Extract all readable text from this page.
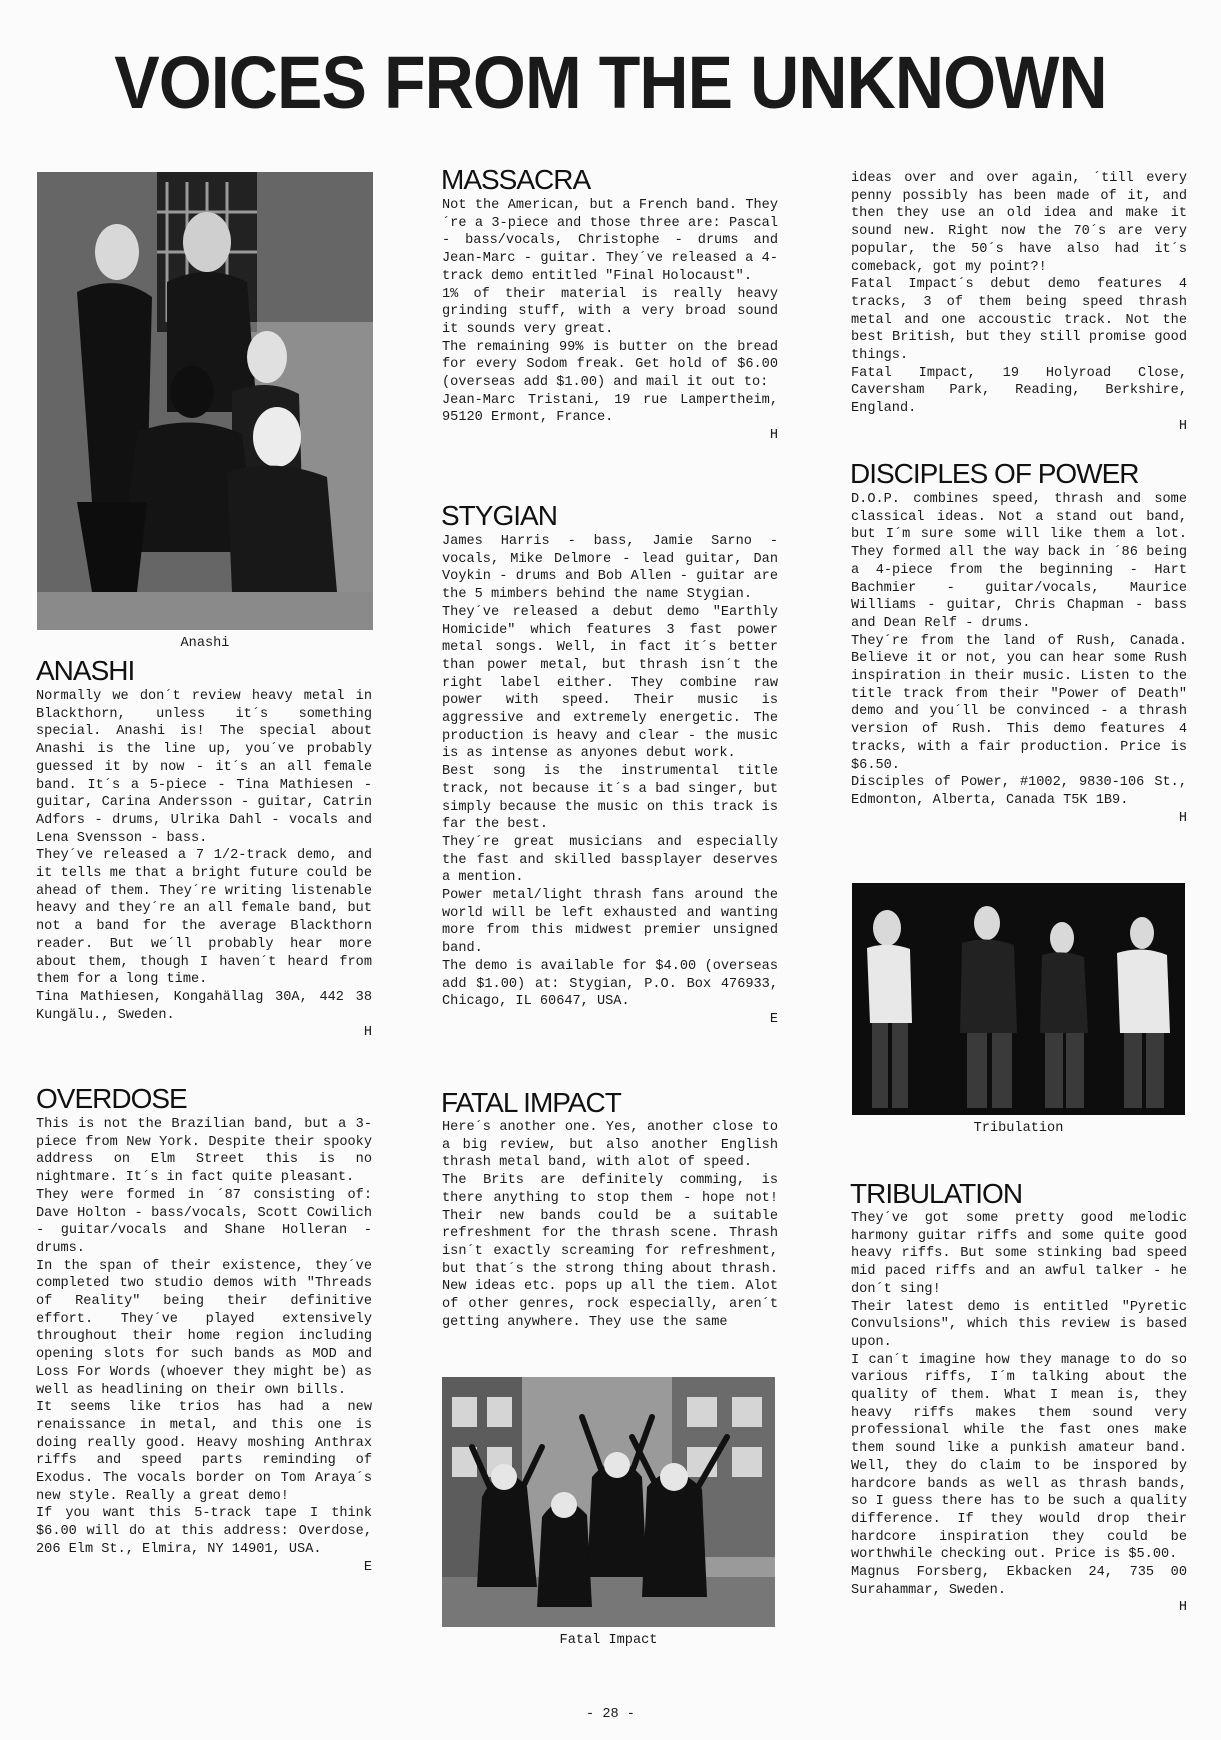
VOICES FROM THE UNKNOWN
Anashi
ANASHI

Normally we don´t review heavy metal in Blackthorn, unless it´s something special. Anashi is! The special about Anashi is the line up, you´ve probably guessed it by now - it´s an all female band. It´s a 5-piece - Tina Mathiesen - guitar, Carina Andersson - guitar, Catrin Adfors - drums, Ulrika Dahl - vocals and Lena Svensson - bass.

They´ve released a 7 1/2-track demo, and it tells me that a bright future could be ahead of them. They´re writing listenable heavy and they´re an all female band, but not a band for the average Blackthorn reader. But we´ll probably hear more about them, though I haven´t heard from them for a long time.

Tina Mathiesen, Kongahällag 30A, 442 38 Kungälu., Sweden.

H

OVERDOSE

This is not the Brazilian band, but a 3-piece from New York. Despite their spooky address on Elm Street this is no nightmare. It´s in fact quite pleasant.

They were formed in ´87 consisting of: Dave Holton - bass/vocals, Scott Cowilich - guitar/vocals and Shane Holleran - drums.

In the span of their existence, they´ve completed two studio demos with "Threads of Reality" being their definitive effort. They´ve played extensively throughout their home region including opening slots for such bands as MOD and Loss For Words (whoever they might be) as well as headlining on their own bills.

It seems like trios has had a new renaissance in metal, and this one is doing really good. Heavy moshing Anthrax riffs and speed parts reminding of Exodus. The vocals border on Tom Araya´s new style. Really a great demo!

If you want this 5-track tape I think $6.00 will do at this address: Overdose, 206 Elm St., Elmira, NY 14901, USA.

E

MASSACRA

Not the American, but a French band. They´re a 3-piece and those three are: Pascal - bass/vocals, Christophe - drums and Jean-Marc - guitar. They´ve released a 4-track demo entitled "Final Holocaust".

1% of their material is really heavy grinding stuff, with a very broad sound it sounds very great.

The remaining 99% is butter on the bread for every Sodom freak. Get hold of $6.00 (overseas add $1.00) and mail it out to:

Jean-Marc Tristani, 19 rue Lampertheim, 95120 Ermont, France.

H

STYGIAN

James Harris - bass, Jamie Sarno - vocals, Mike Delmore - lead guitar, Dan Voykin - drums and Bob Allen - guitar are the 5 mimbers behind the name Stygian.

They´ve released a debut demo "Earthly Homicide" which features 3 fast power metal songs. Well, in fact it´s better than power metal, but thrash isn´t the right label either. They combine raw power with speed. Their music is aggressive and extremely energetic. The production is heavy and clear - the music is as intense as anyones debut work.

Best song is the instrumental title track, not because it´s a bad singer, but simply because the music on this track is far the best.

They´re great musicians and especially the fast and skilled bassplayer deserves a mention.

Power metal/light thrash fans around the world will be left exhausted and wanting more from this midwest premier unsigned band.

The demo is available for $4.00 (overseas add $1.00) at: Stygian, P.O. Box 476933, Chicago, IL 60647, USA.

E

FATAL IMPACT

Here´s another one. Yes, another close to a big review, but also another English thrash metal band, with alot of speed.

The Brits are definitely comming, is there anything to stop them - hope not! Their new bands could be a suitable refreshment for the thrash scene. Thrash isn´t exactly screaming for refreshment, but that´s the strong thing about thrash. New ideas etc. pops up all the tiem. Alot of other genres, rock especially, aren´t getting anywhere. They use the same

Fatal Impact

ideas over and over again, ´till every penny possibly has been made of it, and then they use an old idea and make it sound new. Right now the 70´s are very popular, the 50´s have also had it´s comeback, got my point?!

Fatal Impact´s debut demo features 4 tracks, 3 of them being speed thrash metal and one accoustic track. Not the best British, but they still promise good things.

Fatal Impact, 19 Holyroad Close, Caversham Park, Reading, Berkshire, England.

H

DISCIPLES OF POWER

D.O.P. combines speed, thrash and some classical ideas. Not a stand out band, but I´m sure some will like them a lot. They formed all the way back in ´86 being a 4-piece from the beginning - Hart Bachmier - guitar/vocals, Maurice Williams - guitar, Chris Chapman - bass and Dean Relf - drums.

They´re from the land of Rush, Canada. Believe it or not, you can hear some Rush inspiration in their music. Listen to the title track from their "Power of Death" demo and you´ll be convinced - a thrash version of Rush. This demo features 4 tracks, with a fair production. Price is $6.50.

Disciples of Power, #1002, 9830-106 St., Edmonton, Alberta, Canada T5K 1B9.

H

Tribulation
TRIBULATION

They´ve got some pretty good melodic harmony guitar riffs and some quite good heavy riffs. But some stinking bad speed mid paced riffs and an awful talker - he don´t sing!

Their latest demo is entitled "Pyretic Convulsions", which this review is based upon.

I can´t imagine how they manage to do so various riffs, I´m talking about the quality of them. What I mean is, they heavy riffs makes them sound very professional while the fast ones make them sound like a punkish amateur band. Well, they do claim to be inspored by hardcore bands as well as thrash bands, so I guess there has to be such a quality difference. If they would drop their hardcore inspiration they could be worthwhile checking out. Price is $5.00.

Magnus Forsberg, Ekbacken 24, 735 00 Surahammar, Sweden.

H

- 28 -
